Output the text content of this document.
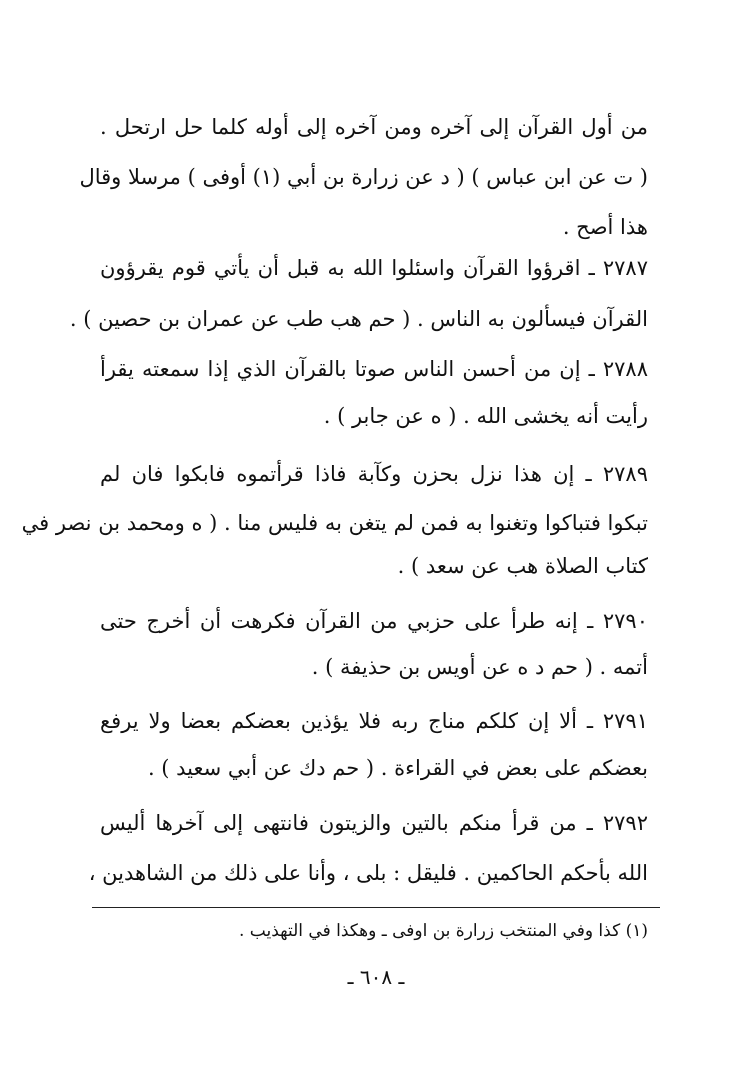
من أول القرآن إلى آخره ومن آخره إلى أوله كلما حل ارتحل .
( ت عن ابن عباس ) ( د عن زرارة بن أبي (١) أوفى ) مرسلا وقال
هذا أصح .
٢٧٨٧ ـ اقرؤوا القرآن واسئلوا الله به قبل أن يأتي قوم يقرؤون
القرآن فيسألون به الناس . ( حم هب طب عن عمران بن حصين ) .
٢٧٨٨ ـ إن من أحسن الناس صوتا بالقرآن الذي إذا سمعته يقرأ
رأيت أنه يخشى الله . ( ه عن جابر ) .
٢٧٨٩ ـ إن هذا نزل بحزن وكآبة فاذا قرأتموه فابكوا فان لم
تبكوا فتباكوا وتغنوا به فمن لم يتغن به فليس منا . ( ه ومحمد بن نصر في
كتاب الصلاة هب عن سعد ) .
٢٧٩٠ ـ إنه طرأ على حزبي من القرآن فكرهت أن أخرج حتى
أتمه . ( حم د ه عن أويس بن حذيفة ) .
٢٧٩١ ـ ألا إن كلكم مناج ربه فلا يؤذين بعضكم بعضا ولا يرفع
بعضكم على بعض في القراءة . ( حم دك عن أبي سعيد ) .
٢٧٩٢ ـ من قرأ منكم بالتين والزيتون فانتهى إلى آخرها أليس
الله بأحكم الحاكمين . فليقل : بلى ، وأنا على ذلك من الشاهدين ،
(١) كذا وفي المنتخب زرارة بن اوفى ـ وهكذا في التهذيب .
ـ ٦٠٨ ـ
